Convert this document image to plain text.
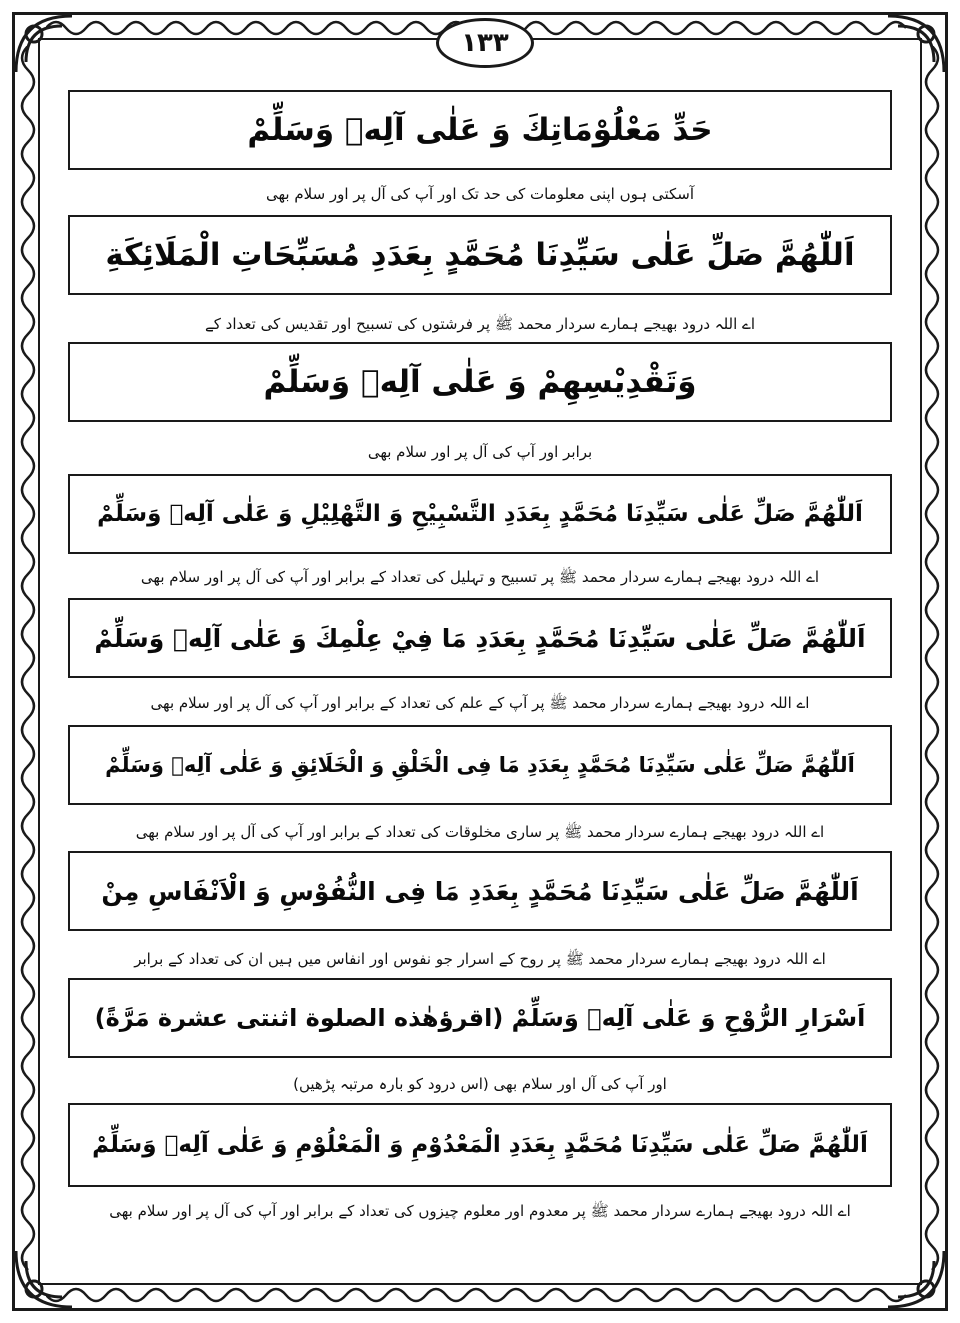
۱۳۳
حَدِّ مَعْلُوْمَاتِكَ وَ عَلٰى آلِهٖ وَسَلِّمْ
آسکتی ہوں اپنی معلومات کی حد تک اور آپ کی آل پر اور سلام بھی
اَللّٰهُمَّ صَلِّ عَلٰى سَيِّدِنَا مُحَمَّدٍ بِعَدَدِ مُسَبِّحَاتِ الْمَلَائِكَةِ
اے اللہ درود بھیجے ہمارے سردار محمد ﷺ پر فرشتوں کی تسبیح اور تقدیس کی تعداد کے
وَتَقْدِيْسِهِمْ وَ عَلٰى آلِهٖ وَسَلِّمْ
برابر اور آپ کی آل پر اور سلام بھی
اَللّٰهُمَّ صَلِّ عَلٰى سَيِّدِنَا مُحَمَّدٍ بِعَدَدِ التَّسْبِيْحِ وَ التَّهْلِيْلِ وَ عَلٰى آلِهٖ وَسَلِّمْ
اے اللہ درود بھیجے ہمارے سردار محمد ﷺ پر تسبیح و تہلیل کی تعداد کے برابر اور آپ کی آل پر اور سلام بھی
اَللّٰهُمَّ صَلِّ عَلٰى سَيِّدِنَا مُحَمَّدٍ بِعَدَدِ مَا فِيْ عِلْمِكَ وَ عَلٰى آلِهٖ وَسَلِّمْ
اے اللہ درود بھیجے ہمارے سردار محمد ﷺ پر آپ کے علم کی تعداد کے برابر اور آپ کی آل پر اور سلام بھی
اَللّٰهُمَّ صَلِّ عَلٰى سَيِّدِنَا مُحَمَّدٍ بِعَدَدِ مَا فِى الْخَلْقِ وَ الْخَلَائِقِ وَ عَلٰى آلِهٖ وَسَلِّمْ
اے اللہ درود بھیجے ہمارے سردار محمد ﷺ پر ساری مخلوقات کی تعداد کے برابر اور آپ کی آل پر اور سلام بھی
اَللّٰهُمَّ صَلِّ عَلٰى سَيِّدِنَا مُحَمَّدٍ بِعَدَدِ مَا فِى النُّفُوْسِ وَ الْاَنْفَاسِ مِنْ
اے اللہ درود بھیجے ہمارے سردار محمد ﷺ پر روح کے اسرار جو نفوس اور انفاس میں ہیں ان کی تعداد کے برابر
اَسْرَارِ الرُّوْحِ وَ عَلٰى آلِهٖ وَسَلِّمْ (اقرؤهٰذه الصلوة اثنتى عشرة مَرَّةً)
اور آپ کی آل اور سلام بھی (اس درود کو بارہ مرتبہ پڑھیں)
اَللّٰهُمَّ صَلِّ عَلٰى سَيِّدِنَا مُحَمَّدٍ بِعَدَدِ الْمَعْدُوْمِ وَ الْمَعْلُوْمِ وَ عَلٰى آلِهٖ وَسَلِّمْ
اے اللہ درود بھیجے ہمارے سردار محمد ﷺ پر معدوم اور معلوم چیزوں کی تعداد کے برابر اور آپ کی آل پر اور سلام بھی
